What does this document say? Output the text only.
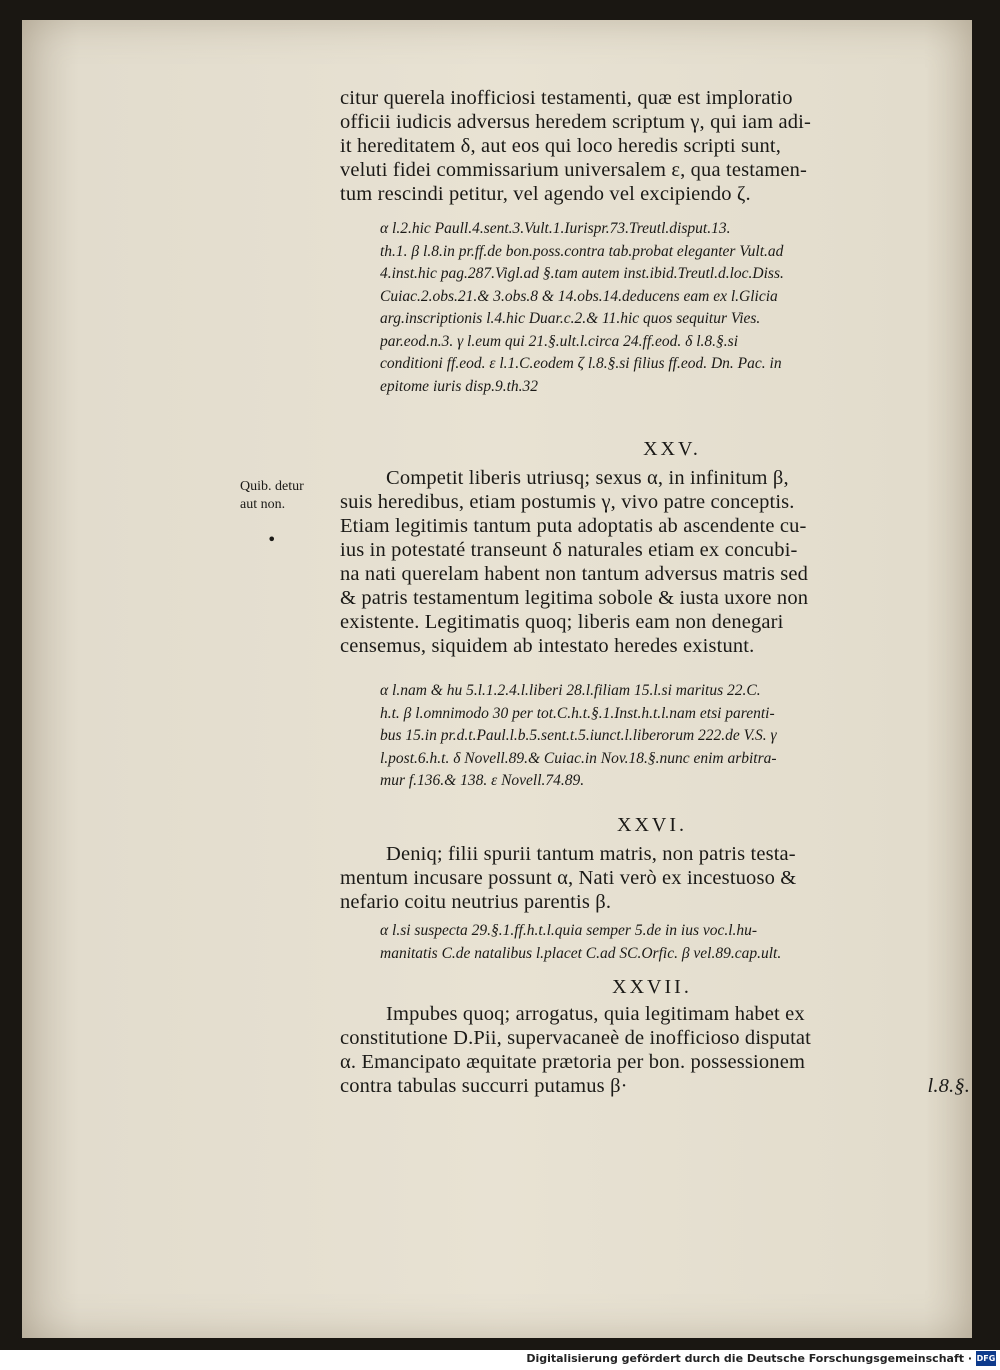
citur querela inofficiosi testamenti, quæ est imploratio
officii iudicis adversus heredem scriptum γ, qui iam adi-
it hereditatem δ, aut eos qui loco heredis scripti sunt,
veluti fidei commissarium universalem ε, qua testamen-
tum rescindi petitur, vel agendo vel excipiendo ζ.
α l.2.hic Paull.4.sent.3.Vult.1.Iurispr.73.Treutl.disput.13.
th.1. β l.8.in pr.ff.de bon.poss.contra tab.probat eleganter Vult.ad
4.inst.hic pag.287.Vigl.ad §.tam autem inst.ibid.Treutl.d.loc.Diss.
Cuiac.2.obs.21.& 3.obs.8 & 14.obs.14.deducens eam ex l.Glicia
arg.inscriptionis l.4.hic Duar.c.2.& 11.hic quos sequitur Vies.
par.eod.n.3. γ l.eum qui 21.§.ult.l.circa 24.ff.eod. δ l.8.§.si
conditioni ff.eod. ε l.1.C.eodem ζ l.8.§.si filius ff.eod. Dn. Pac. in
epitome iuris disp.9.th.32
XXV.
Quib. detur
aut non.
•
Competit liberis utriusq; sexus α, in infinitum β,
suis heredibus, etiam postumis γ, vivo patre conceptis.
Etiam legitimis tantum puta adoptatis ab ascendente cu-
ius in potestaté transeunt δ naturales etiam ex concubi-
na nati querelam habent non tantum adversus matris sed
& patris testamentum legitima sobole & iusta uxore non
existente. Legitimatis quoq; liberis eam non denegari
censemus, siquidem ab intestato heredes existunt.
α l.nam & hu 5.l.1.2.4.l.liberi 28.l.filiam 15.l.si maritus 22.C.
h.t. β l.omnimodo 30 per tot.C.h.t.§.1.Inst.h.t.l.nam etsi parenti-
bus 15.in pr.d.t.Paul.l.b.5.sent.t.5.iunct.l.liberorum 222.de V.S. γ
l.post.6.h.t. δ Novell.89.& Cuiac.in Nov.18.§.nunc enim arbitra-
mur f.136.& 138. ε Novell.74.89.
XXVI.
Deniq; filii spurii tantum matris, non patris testa-
mentum incusare possunt α, Nati verò ex incestuoso &
nefario coitu neutrius parentis β.
α l.si suspecta 29.§.1.ff.h.t.l.quia semper 5.de in ius voc.l.hu-
manitatis C.de natalibus l.placet C.ad SC.Orfic. β vel.89.cap.ult.
XXVII.
Impubes quoq; arrogatus, quia legitimam habet ex
constitutione D.Pii, supervacaneè de inofficioso disputat
α. Emancipato æquitate prætoria per bon. possessionem
contra tabulas succurri putamus β·	l.8.§.
Digitalisierung gefördert durch die Deutsche Forschungsgemeinschaft · DFG
